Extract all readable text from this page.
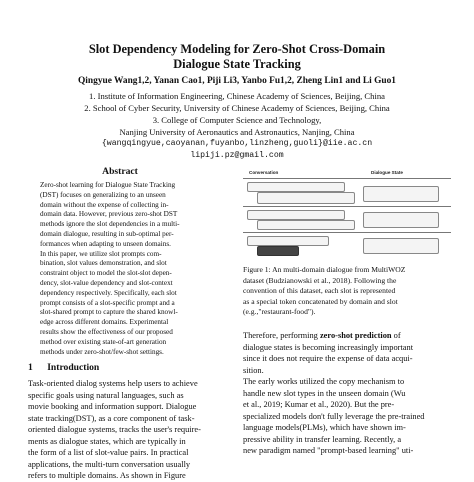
Slot Dependency Modeling for Zero-Shot Cross-Domain
Dialogue State Tracking
Qingyue Wang1,2, Yanan Cao1, Piji Li3, Yanbo Fu1,2, Zheng Lin1 and Li Guo1
1. Institute of Information Engineering, Chinese Academy of Sciences, Beijing, China
2. School of Cyber Security, University of Chinese Academy of Sciences, Beijing, China
3. College of Computer Science and Technology,
Nanjing University of Aeronautics and Astronautics, Nanjing, China
{wangqingyue,caoyanan,fuyanbo,linzheng,guoli}@iie.ac.cn
lipiji.pz@gmail.com
Abstract
Zero-shot learning for Dialogue State Tracking
(DST) focuses on generalizing to an unseen
domain without the expense of collecting in-
domain data. However, previous zero-shot DST
methods ignore the slot dependencies in a multi-
domain dialogue, resulting in sub-optimal per-
formances when adapting to unseen domains.
In this paper, we utilize slot prompts com-
bination, slot values demonstration, and slot
constraint object to model the slot-slot depen-
dency, slot-value dependency and slot-context
dependency respectively. Specifically, each slot
prompt consists of a slot-specific prompt and a
slot-shared prompt to capture the shared knowl-
edge across different domains. Experimental
results show the effectiveness of our proposed
method over existing state-of-art generation
methods under zero-shot/few-shot settings.
1 Introduction
Task-oriented dialog systems help users to achieve
specific goals using natural languages, such as
movie booking and information support. Dialogue
state tracking(DST), as a core component of task-
oriented dialogue systems, tracks the user's require-
ments as dialogue states, which are typically in
the form of a list of slot-value pairs. In practical
applications, the multi-turn conversation usually
refers to multiple domains. As shown in Figure
Conversation	Dialogue State
Figure 1: An multi-domain dialogue from MultiWOZ
dataset (Budzianowski et al., 2018). Following the
convention of this dataset, each slot is represented
as a special token concatenated by domain and slot
(e.g.,"restaurant-food").
Therefore, performing zero-shot prediction of
dialogue states is becoming increasingly important
since it does not require the expense of data acqui-
sition.
The early works utilized the copy mechanism to
handle new slot types in the unseen domain (Wu
et al., 2019; Kumar et al., 2020). But the pre-
specialized models don't fully leverage the pre-trained
language models(PLMs), which have shown im-
pressive ability in transfer learning. Recently, a
new paradigm named "prompt-based learning" uti-
